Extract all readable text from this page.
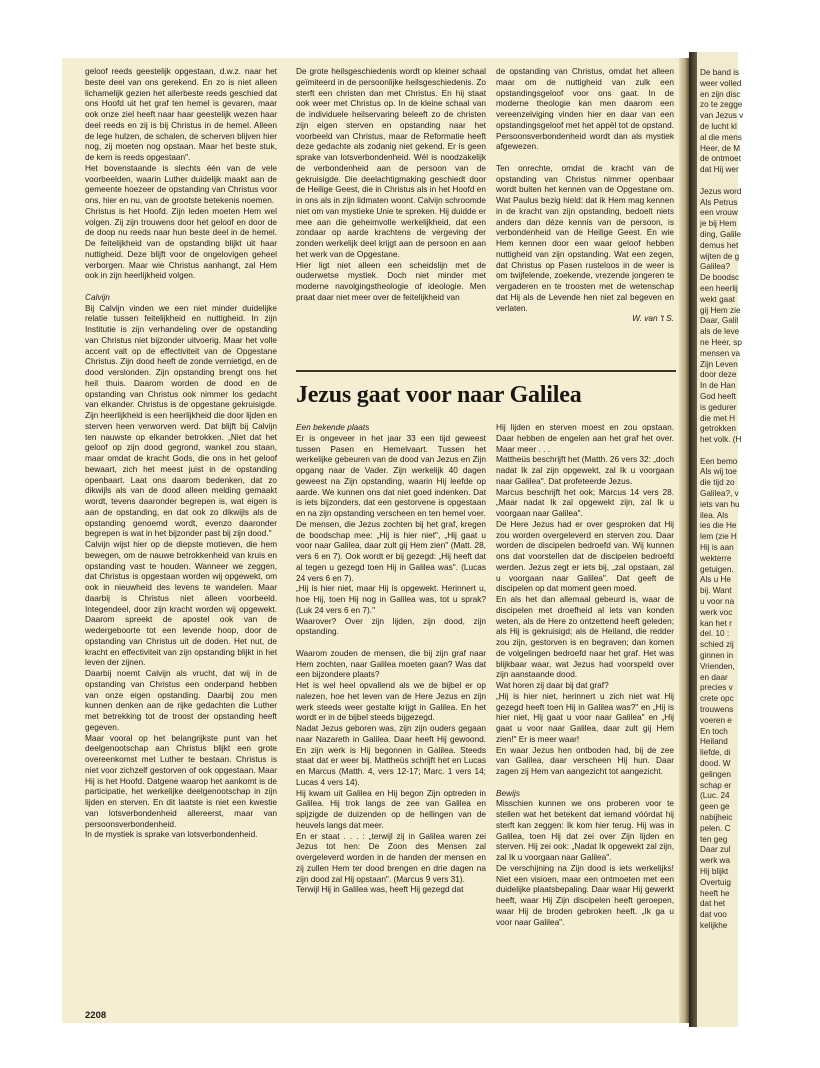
De band is
weer volled
en zijn disc
zo te zegge
van Jezus v
de lucht kl
al die mens
Heer, de M
de ontmoet
dat Hij wer

Jezus word
Als Petrus
een vrouw
je bij Hem
ding, Galile
demus het
wijten de g
Galilea?
De boodsc
een heerlij
wekt gaat
gij Hem zie
Daar, Galil
als de leve
ne Heer, sp
mensen va
Zijn Leven
door deze
In de Han
God heeft
is gedurer
die met H
getrokken
het volk. (H

Een bemo
Als wij toe
die tijd zo
Galilea?, v
iets van hu
ilea. Als
ies die He
lem (zie H
Hij is aan
wekterre
getuigen.
Als u He
bij. Want
u voor na
werk voc
kan het r
del. 10 :
schied zij
ginnen in
Vrienden,
en daar
precies v
crete opc
trouwens
voeren e
En toch
Heiland
liefde, di
dood. W
gelingen
schap er
(Luc. 24
geen ge
nabijheic
pelen. C
ten geg
Daar zul
werk wa
Hij blijkt
Overtuig
heeft he
dat het
dat voo
kelijkhe

geloof reeds geestelijk opgestaan, d.w.z. naar het beste deel van ons gerekend. En zo is niet alleen lichamelijk gezien het allerbeste reeds geschied dat ons Hoofd uit het graf ten hemel is gevaren, maar ook onze ziel heeft naar haar geestelijk wezen haar deel reeds en zij is bij Christus in de hemel. Alleen de lege hulzen, de schalen, de scherven blijven hier nog, zij moeten nog opstaan. Maar het beste stuk, de kern is reeds opgestaan".

Het bovenstaande is slechts één van de vele voorbeelden, waarin Luther duidelijk maakt aan de gemeente hoezeer de opstanding van Christus voor ons, hier en nu, van de grootste betekenis noemen.

Christus is het Hoofd. Zijn leden moeten Hem wel volgen. Zij zijn trouwens door het geloof en door de de doop nu reeds naar hun beste deel in de hemel. De feitelijkheid van de opstanding blijkt uit haar nuttigheid. Deze blijft voor de ongelovigen geheel verborgen. Maar wie Christus aanhangt, zal Hem ook in zijn heerlijkheid volgen.

Calvijn

Bij Calvijn vinden we een niet minder duidelijke relatie tussen feitelijkheid en nuttigheid. In zijn Institutie is zijn verhandeling over de opstanding van Christus niet bijzonder uitvoerig. Maar het volle accent valt op de effectiviteit van de Opgestane Christus. Zijn dood heeft de zonde vernietigd, en de dood verslonden. Zijn opstanding brengt ons het heil thuis. Daarom worden de dood en de opstanding van Christus ook nimmer los gedacht van elkander. Christus is de opgestane gekruisigde. Zijn heerlijkheid is een heerlijkheid die door lijden en sterven heen verworven werd. Dat blijft bij Calvijn ten nauwste op elkander betrokken. „Niet dat het geloof op zijn dood gegrond, wankel zou staan, maar omdat de kracht Gods, die ons in het geloof bewaart, zich het meest juist in de opstanding openbaart. Laat ons daarom bedenken, dat zo dikwijls als van de dood alleen melding gemaakt wordt, tevens daaronder begrepen is, wat eigen is aan de opstanding, en dat ook zo dikwijls als de opstanding genoemd wordt, evenzo daaronder begrepen is wat in het bijzonder past bij zijn dood."

Calvijn wijst hier op de diepste motieven, die hem bewegen, om de nauwe betrokkenheid van kruis en opstanding vast te houden. Wanneer we zeggen, dat Christus is opgestaan worden wij opgewekt, om ook in nieuwheid des levens te wandelen. Maar daarbij is Christus niet alleen voorbeeld. Integendeel, door zijn kracht worden wij opgewekt. Daarom spreekt de apostel ook van de wedergeboorte tot een levende hoop, door de opstanding van Christus uit de doden. Het nut, de kracht en effectiviteit van zijn opstanding blijkt in het leven der zijnen.

Daarbij noemt Calvijn als vrucht, dat wij in de opstanding van Christus een onderpand hebben van onze eigen opstanding. Daarbij zou men kunnen denken aan de rijke gedachten die Luther met betrekking tot de troost der opstanding heeft gegeven.

Maar vooral op het belangrijkste punt van het deelgenootschap aan Christus blijkt een grote overeenkomst met Luther te bestaan. Christus is niet voor zichzelf gestorven of ook opgestaan. Maar Hij is het Hoofd. Datgene waarop het aankomt is de participatie, het werkelijke deelgenootschap in zijn lijden en sterven. En dit laatste is niet een kwestie van lotsverbondenheid allereerst, maar van persoonsverbondenheid.

In de mystiek is sprake van lotsverbondenheid.

De grote heilsgeschiedenis wordt op kleiner schaal geïmiteerd in de persoonlijke heilsgeschiedenis. Zo sterft een christen dan met Christus. En hij staat ook weer met Christus op. In de kleine schaal van de individuele heilservaring beleeft zo de christen zijn eigen sterven en opstanding naar het voorbeeld van Christus, maar de Reformatie heeft deze gedachte als zodanig niet gekend. Er is geen sprake van lotsverbondenheid. Wél is noodzakelijk de verbondenheid aan de persoon van de gekruisigde. Die deelachtigmaking geschiedt door de Heilige Geest, die in Christus als in het Hoofd en in ons als in zijn lidmaten woont. Calvijn schroomde niet om van mystieke Unie te spreken. Hij duidde er mee aan die geheimvolle werkelijkheid, dat een zondaar op aarde krachtens de vergeving der zonden werkelijk deel krijgt aan de persoon en aan het werk van de Opgestane.

Hier ligt niet alleen een scheidslijn met de ouderwetse mystiek. Doch niet minder met moderne navolgingstheologie of ideologie. Men praat daar niet meer over de feitelijkheid van

de opstanding van Christus, omdat het alleen maar om de nuttigheid van zulk een opstandingsgeloof voor ons gaat. In de moderne theologie kan men daarom een vereenzelviging vinden hier en daar van een opstandingsgeloof met het appèl tot de opstand. Persoonsverbondenheid wordt dan als mystiek afgewezen.

Ten onrechte, omdat de kracht van de opstanding van Christus nimmer openbaar wordt buiten het kennen van de Opgestane om. Wat Paulus bezig hield: dat ik Hem mag kennen in de kracht van zijn opstanding, bedoelt niets anders dan déze kennis van de persoon, is verbondenheid van de Heilige Geest. En wie Hem kennen door een waar geloof hebben nuttigheid van zijn opstanding. Wat een zegen, dat Christus op Pasen rusteloos in de weer is om twijfelende, zoekende, vrezende jongeren te vergaderen en te troosten met de wetenschap dat Hij als de Levende hen niet zal begeven en verlaten.

W. van 't S.

Jezus gaat voor naar Galilea

Een bekende plaats

Er is ongeveer in het jaar 33 een tijd geweest tussen Pasen en Hemelvaart. Tussen het werkelijke gebeuren van de dood van Jezus en Zijn opgang naar de Vader. Zijn werkelijk 40 dagen geweest na Zijn opstanding, waarin Hij leefde op aarde. We kunnen ons dat niet goed indenken. Dat is iets bijzonders, dat een gestorvene is opgestaan en na zijn opstanding verscheen en ten hemel voer.

De mensen, die Jezus zochten bij het graf, kregen de boodschap mee: „Hij is hier niet", „Hij gaat u voor naar Galilea, daar zult gij Hem zien" (Matt. 28, vers 6 en 7). Ook wordt er bij gezegd: „Hij heeft dat al tegen u gezegd toen Hij in Galilea was". (Lucas 24 vers 6 en 7).

„Hij is hier niet, maar Hij is opgewekt. Herinnert u, hoe Hij, toen Hij nog in Galilea was, tot u sprak? (Luk 24 vers 6 en 7)."

Waarover? Over zijn lijden, zijn dood, zijn opstanding.

Waarom zouden de mensen, die bij zijn graf naar Hem zochten, naar Galilea moeten gaan? Was dat een bijzondere plaats?

Het is wel heel opvallend als we de bijbel er op nalezen, hoe het leven van de Here Jezus en zijn werk steeds weer gestalte krijgt in Galilea. En het wordt er in de bijbel steeds bijgezegd.

Nadat Jezus geboren was, zijn zijn ouders gegaan naar Nazareth in Galilea. Daar heeft Hij gewoond. En zijn werk is Hij begonnen in Galilea. Steeds staat dat er weer bij. Mattheüs schrijft het en Lucas en Marcus (Matth. 4, vers 12-17; Marc. 1 vers 14; Lucas 4 vers 14).

Hij kwam uit Galilea en Hij begon Zijn optreden in Galilea. Hij trok langs de zee van Galilea en spijzigde de duizenden op de hellingen van de heuvels langs dat meer.

En er staat . . . : „terwijl zij in Galilea waren zei Jezus tot hen: De Zoon des Mensen zal overgeleverd worden in de handen der mensen en zij zullen Hem ter dood brengen en drie dagen na zijn dood zal Hij opstaan". (Marcus 9 vers 31).

Terwijl Hij in Galilea was, heeft Hij gezegd dat

Hij lijden en sterven moest en zou opstaan. Daar hebben de engelen aan het graf het over. Maar meer . . .

Mattheüs beschrijft het (Matth. 26 vers 32: „doch nadat Ik zal zijn opgewekt, zal Ik u voorgaan naar Galilea". Dat profeteerde Jezus.

Marcus beschrijft het ook; Marcus 14 vers 28. „Maar nadat Ik zal opgewekt zijn, zal Ik u voorgaan naar Galilea".

De Here Jezus had er over gesproken dat Hij zou worden overgeleverd en sterven zou. Daar worden de discipelen bedroefd van. Wij kunnen ons dat voorstellen dat de discipelen bedroefd werden. Jezus zegt er iets bij, „zal opstaan, zal u voorgaan naar Galilea". Dat geeft de discipelen op dat moment geen moed.

En als het dan allemaal gebeurd is, waar de discipelen met droefheid al iets van konden weten, als de Here zo ontzettend heeft geleden; als Hij is gekruisigd; als de Heiland, die redder zou zijn, gestorven is en begraven; dan komen de volgelingen bedroefd naar het graf. Het was blijkbaar waar, wat Jezus had voorspeld over zijn aanstaande dood.

Wat horen zij daar bij dat graf?

„Hij is hier niet, herinnert u zich niet wat Hij gezegd heeft toen Hij in Galilea was?" en „Hij is hier niet, Hij gaat u voor naar Galilea" en „Hij gaat u voor naar Galilea, daar zult gij Hem zien!" Er is meer waar!

En waar Jezus hen ontboden had, bij de zee van Galilea, daar verscheen Hij hun. Daar zagen zij Hem van aangezicht tot aangezicht.

Bewijs

Misschien kunnen we ons proberen voor te stellen wat het betekent dat iemand vóórdat hij sterft kan zeggen: Ik kom hier terug. Hij was in Galilea, toen Hij dat zei over Zijn lijden en sterven. Hij zei ook: „Nadat Ik opgewekt zal zijn, zal Ik u voorgaan naar Galilea".

De verschijning na Zijn dood is iets werkelijks! Niet een visioen, maar een ontmoeten met een duidelijke plaatsbepaling. Daar waar Hij gewerkt heeft, waar Hij Zijn discipelen heeft geroepen, waar Hij de broden gebroken heeft. „Ik ga u voor naar Galilea".

2208
